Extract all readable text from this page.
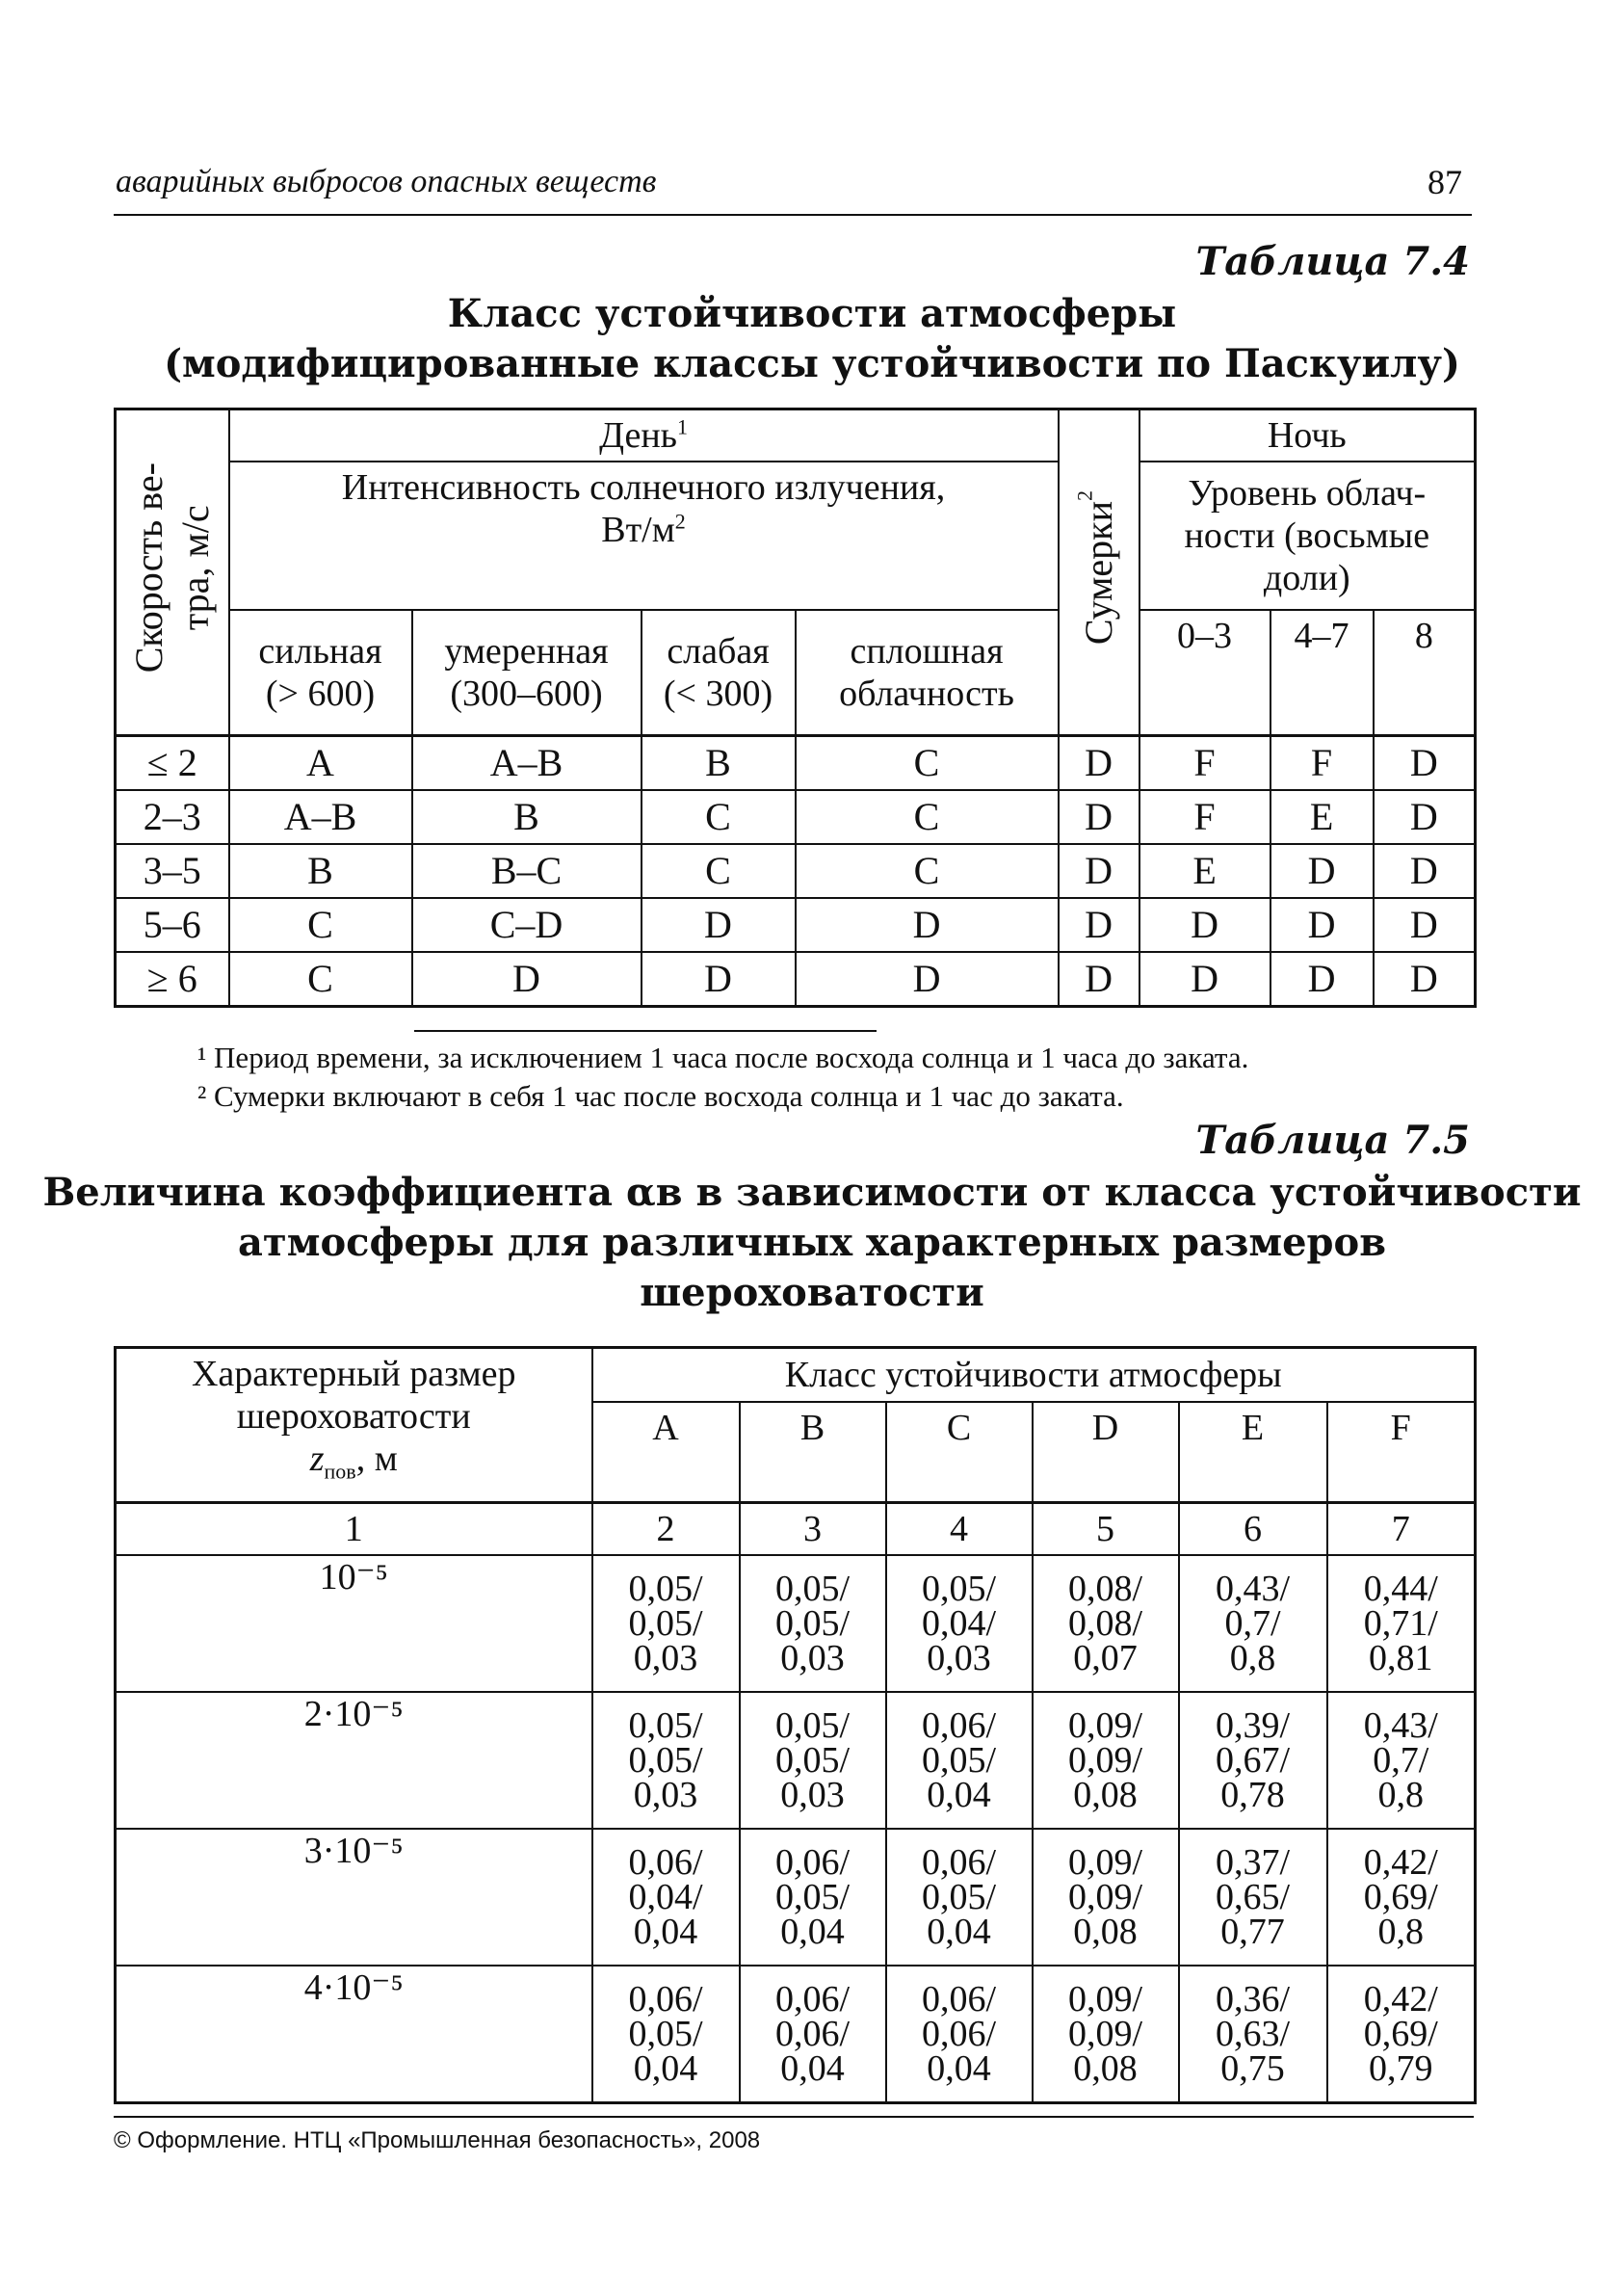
аварийных выбросов опасных веществ	87
Таблица 7.4
Класс устойчивости атмосферы
(модифицированные классы устойчивости по Паскуилу)
Скорость ве-
тра, м/с	День$^1$				Сумерки$^2$	Ночь		

	Интенсивность солнечного излучения,
$Вт/м^2$					Уровень облач-
ности (восьмые
доли)		

	сильная
(> 600)	умеренная
(300–600)	слабая
(< 300)	сплошная
облачность		0–3	4–7	8
≤ 2	A	A–B	B	C	D	F	F	D
2–3	A–B	B	C	C	D	F	E	D
3–5	B	B–C	C	C	D	E	D	D
5–6	C	C–D	D	D	D	D	D	D
≥ 6	C	D	D	D	D	D	D	D
¹ Период времени, за исключением 1 часа после восхода солнца и 1 часа до заката.
² Сумерки включают в себя 1 час после восхода солнца и 1 час до заката.
Таблица 7.5
Величина коэффициента αв в зависимости от класса устойчивости
атмосферы для различных характерных размеров
шероховатости
Характерный размер
шероховатости
$z_{пов}$, м	Класс устойчивости атмосферы					
	A	B	C	D	E	F
1	2	3	4	5	6	7
10⁻⁵	0,05/
0,05/
0,03	0,05/
0,05/
0,03	0,05/
0,04/
0,03	0,08/
0,08/
0,07	0,43/
0,7/
0,8	0,44/
0,71/
0,81

2·10⁻⁵	0,05/
0,05/
0,03	0,05/
0,05/
0,03	0,06/
0,05/
0,04	0,09/
0,09/
0,08	0,39/
0,67/
0,78	0,43/
0,7/
0,8

3·10⁻⁵	0,06/
0,04/
0,04	0,06/
0,05/
0,04	0,06/
0,05/
0,04	0,09/
0,09/
0,08	0,37/
0,65/
0,77	0,42/
0,69/
0,8

4·10⁻⁵	0,06/
0,05/
0,04	0,06/
0,06/
0,04	0,06/
0,06/
0,04	0,09/
0,09/
0,08	0,36/
0,63/
0,75	0,42/
0,69/
0,79
© Оформление. НТЦ «Промышленная безопасность», 2008
